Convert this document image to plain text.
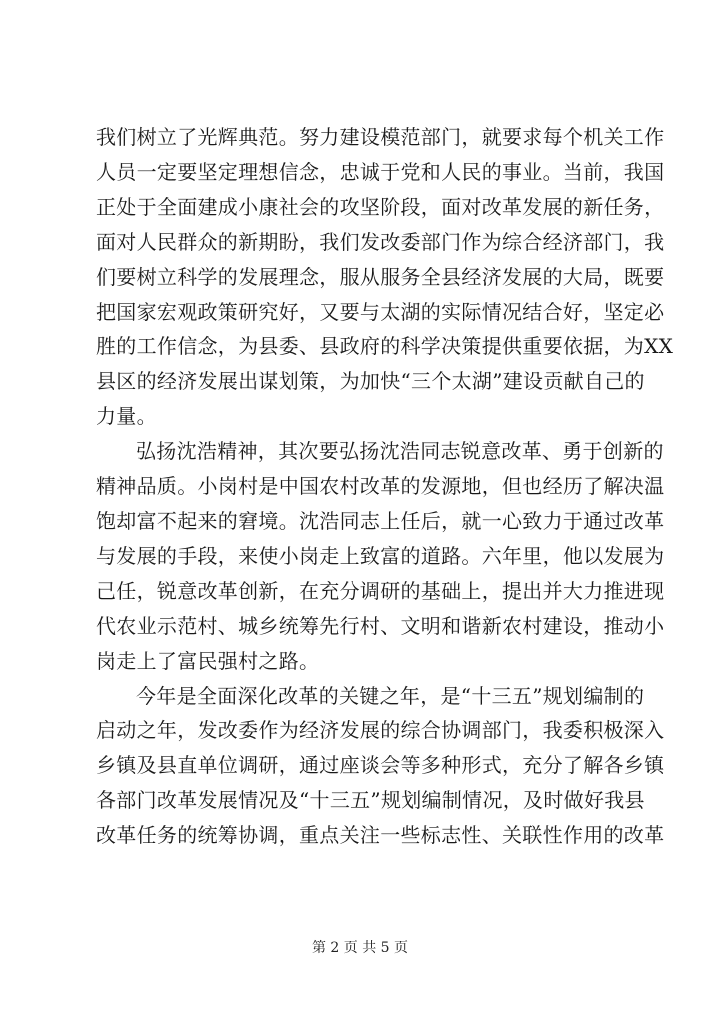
我们树立了光辉典范。努力建设模范部门，就要求每个机关工作
人员一定要坚定理想信念，忠诚于党和人民的事业。当前，我国
正处于全面建成小康社会的攻坚阶段，面对改革发展的新任务，
面对人民群众的新期盼，我们发改委部门作为综合经济部门，我
们要树立科学的发展理念，服从服务全县经济发展的大局，既要
把国家宏观政策研究好，又要与太湖的实际情况结合好，坚定必
胜的工作信念，为县委、县政府的科学决策提供重要依据，为XX
县区的经济发展出谋划策，为加快“三个太湖”建设贡献自己的
力量。

弘扬沈浩精神，其次要弘扬沈浩同志锐意改革、勇于创新的
精神品质。小岗村是中国农村改革的发源地，但也经历了解决温
饱却富不起来的窘境。沈浩同志上任后，就一心致力于通过改革
与发展的手段，来使小岗走上致富的道路。六年里，他以发展为
己任，锐意改革创新，在充分调研的基础上，提出并大力推进现
代农业示范村、城乡统筹先行村、文明和谐新农村建设，推动小
岗走上了富民强村之路。

今年是全面深化改革的关键之年，是“十三五”规划编制的
启动之年，发改委作为经济发展的综合协调部门，我委积极深入
乡镇及县直单位调研，通过座谈会等多种形式，充分了解各乡镇
各部门改革发展情况及“十三五”规划编制情况，及时做好我县
改革任务的统筹协调，重点关注一些标志性、关联性作用的改革

第 2 页 共 5 页
